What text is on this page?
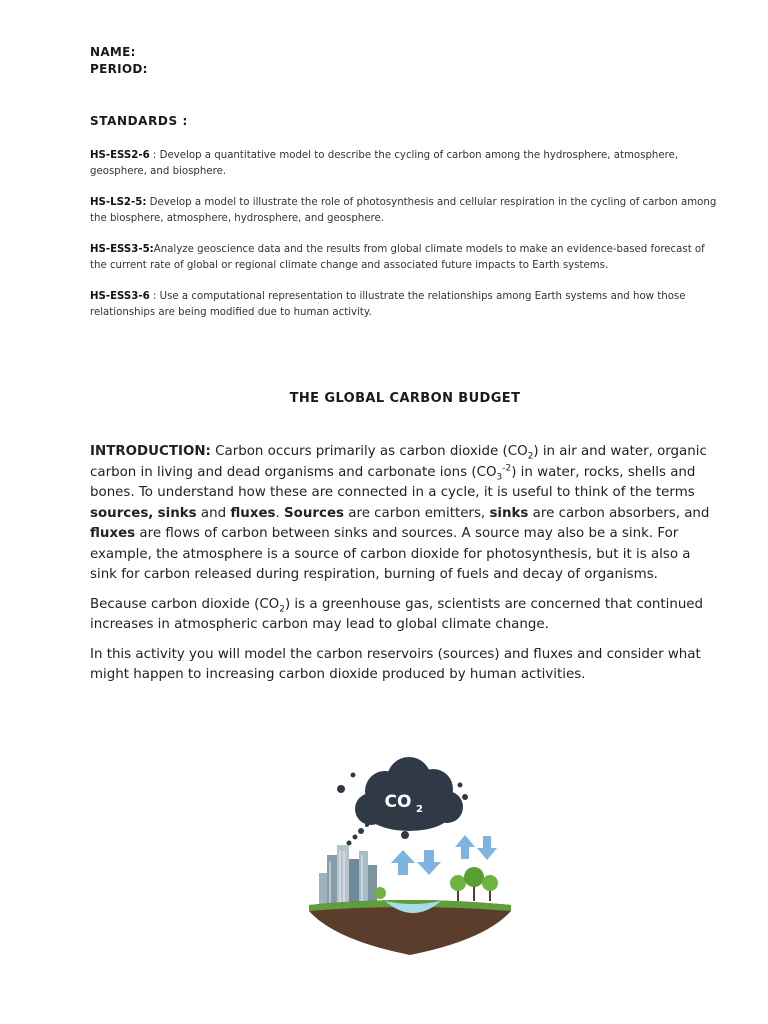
NAME:
PERIOD:
STANDARDS :

HS-ESS2-6 : Develop a quantitative model to describe the cycling of carbon among the hydrosphere, atmosphere, geosphere, and biosphere.

HS-LS2-5: Develop a model to illustrate the role of photosynthesis and cellular respiration in the cycling of carbon among the biosphere, atmosphere, hydrosphere, and geosphere.

HS-ESS3-5:Analyze geoscience data and the results from global climate models to make an evidence-based forecast of the current rate of global or regional climate change and associated future impacts to Earth systems.

HS-ESS3-6 : Use a computational representation to illustrate the relationships among Earth systems and how those relationships are being modified due to human activity.

THE GLOBAL CARBON BUDGET

INTRODUCTION: Carbon occurs primarily as carbon dioxide $(CO_2)$ in air and water, organic carbon in living and dead organisms and carbonate ions $(CO_3^{-2})$ in water, rocks, shells and bones. To understand how these are connected in a cycle, it is useful to think of the terms sources, sinks and fluxes. Sources are carbon emitters, sinks are carbon absorbers, and fluxes are flows of carbon between sinks and sources. A source may also be a sink. For example, the atmosphere is a source of carbon dioxide for photosynthesis, but it is also a sink for carbon released during respiration, burning of fuels and decay of organisms.

Because carbon dioxide $(CO_2)$ is a greenhouse gas, scientists are concerned that continued increases in atmospheric carbon may lead to global climate change.

In this activity you will model the carbon reservoirs (sources) and fluxes and consider what might happen to increasing carbon dioxide produced by human activities.

CO 2
